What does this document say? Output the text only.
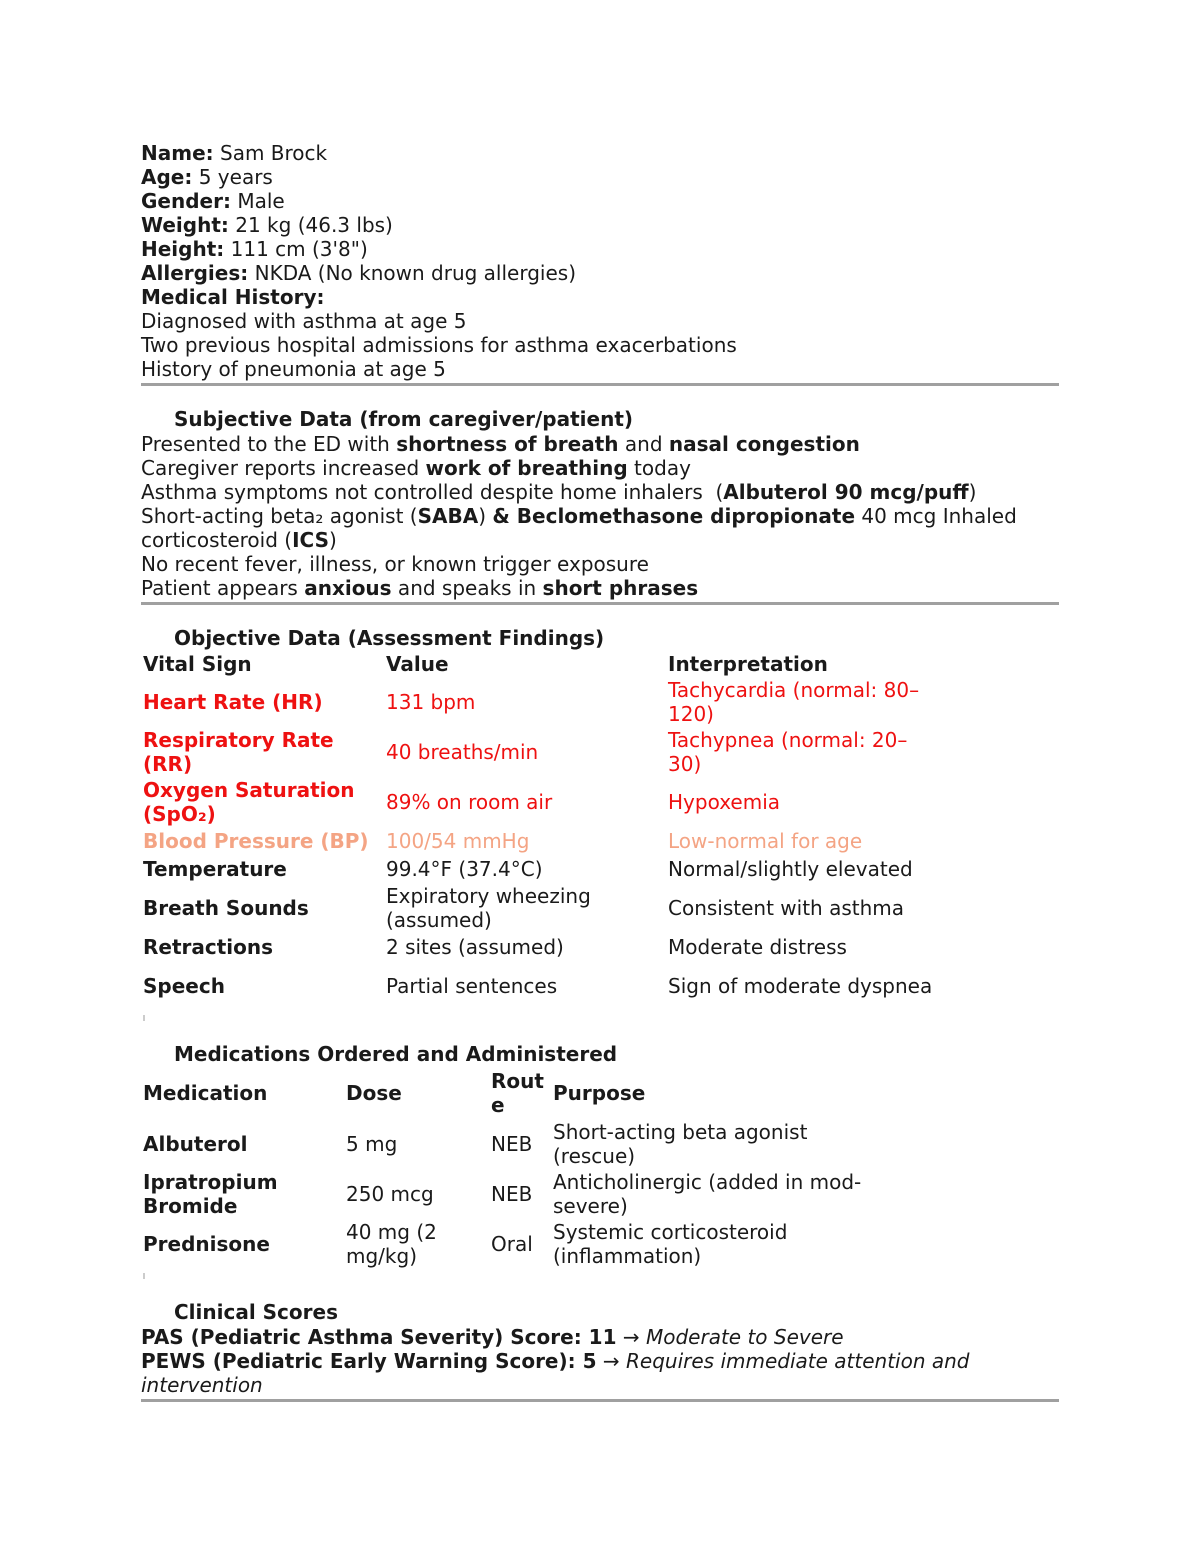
Name: Sam Brock
Age: 5 years
Gender: Male
Weight: 21 kg (46.3 lbs)
Height: 111 cm (3'8")
Allergies: NKDA (No known drug allergies)
Medical History:
Diagnosed with asthma at age 5
Two previous hospital admissions for asthma exacerbations
History of pneumonia at age 5
Subjective Data (from caregiver/patient)
Presented to the ED with shortness of breath and nasal congestion
Caregiver reports increased work of breathing today
Asthma symptoms not controlled despite home inhalers  (Albuterol 90 mcg/puff)
Short-acting beta₂ agonist (SABA) & Beclomethasone dipropionate 40 mcg Inhaled
corticosteroid (ICS)
No recent fever, illness, or known trigger exposure
Patient appears anxious and speaks in short phrases
Objective Data (Assessment Findings)
Vital Sign	Value	Interpretation
Heart Rate (HR)	131 bpm	Tachycardia (normal: 80–120)
Respiratory Rate (RR)	40 breaths/min	Tachypnea (normal: 20–30)
Oxygen Saturation (SpO₂)	89% on room air	Hypoxemia
Blood Pressure (BP)	100/54 mmHg	Low-normal for age
Temperature	99.4°F (37.4°C)	Normal/slightly elevated
Breath Sounds	Expiratory wheezing (assumed)	Consistent with asthma
Retractions	2 sites (assumed)	Moderate distress
Speech	Partial sentences	Sign of moderate dyspnea
Medications Ordered and Administered
Medication	Dose	Route	Purpose
Albuterol	5 mg	NEB	Short-acting beta agonist (rescue)
Ipratropium Bromide	250 mcg	NEB	Anticholinergic (added in mod-severe)
Prednisone	40 mg (2 mg/kg)	Oral	Systemic corticosteroid (inflammation)
Clinical Scores
PAS (Pediatric Asthma Severity) Score: 11 → Moderate to Severe
PEWS (Pediatric Early Warning Score): 5 → Requires immediate attention and
intervention
